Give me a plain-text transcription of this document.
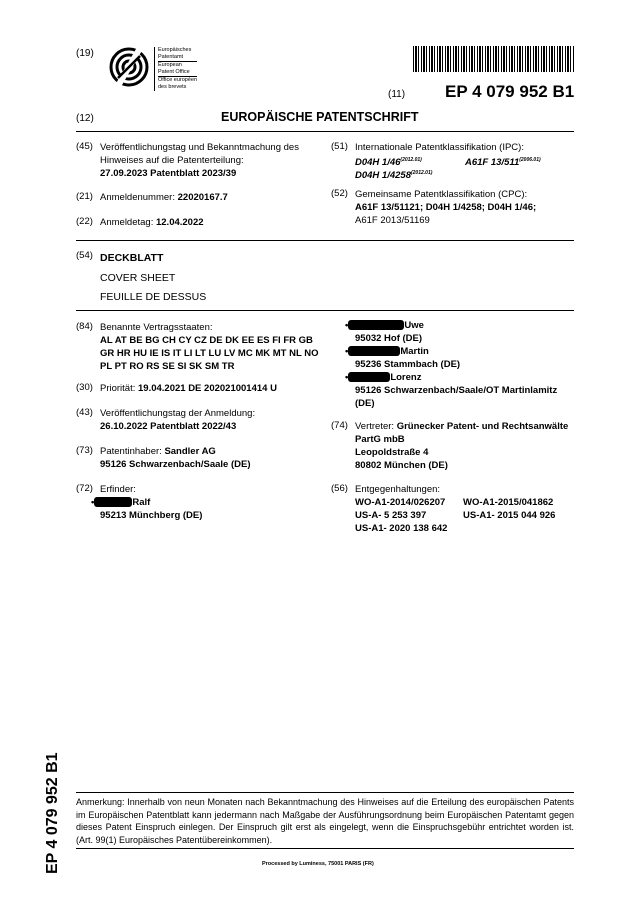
(19)	Europäisches
Patentamt
European
Patent Office
Office européen
des brevets
(11) EP 4 079 952 B1
(12)	EUROPÄISCHE PATENTSCHRIFT
(45) Veröffentlichungstag und Bekanntmachung des
Hinweises auf die Patenterteilung:
27.09.2023 Patentblatt 2023/39
(21) Anmeldenummer: 22020167.7
(22) Anmeldetag: 12.04.2022
(51) Internationale Patentklassifikation (IPC):
D04H $1/46^{(2012.01)}$	A61F $13/511^{(2006.01)}$
D04H $1/4258^{(2012.01)}$
(52) Gemeinsame Patentklassifikation (CPC):
A61F 13/51121; D04H 1/4258; D04H 1/46;
A61F 2013/51169
(54) DECKBLATT
COVER SHEET
FEUILLE DE DESSUS
(84) Benannte Vertragsstaaten:
AL AT BE BG CH CY CZ DE DK EE ES FI FR GB
GR HR HU IE IS IT LI LT LU LV MC MK MT NL NO
PL PT RO RS SE SI SK SM TR
(30) Priorität: 19.04.2021 DE 202021001414 U
(43) Veröffentlichungstag der Anmeldung:
26.10.2022 Patentblatt 2022/43
(73) Patentinhaber: Sandler AG
95126 Schwarzenbach/Saale (DE)
(72) Erfinder:
•	Ralf
95213 Münchberg (DE)
•	Uwe
95032 Hof (DE)
•	Martin
95236 Stammbach (DE)
•	Lorenz
95126 Schwarzenbach/Saale/OT Martinlamitz
(DE)
(74) Vertreter: Grünecker Patent- und Rechtsanwälte
PartG mbB
Leopoldstraße 4
80802 München (DE)
(56) Entgegenhaltungen:
WO-A1-2014/026207 WO-A1-2015/041862
US-A- 5 253 397	US-A1- 2015 044 926
US-A1- 2020 138 642
EP 4 079 952 B1 Anmerkung: Innerhalb von neun Monaten nach Bekanntmachung des Hinweises auf die Erteilung des europäischen Patents im Europäischen Patentblatt kann jedermann nach Maßgabe der Ausführungsordnung beim Europäischen Patentamt gegen dieses Patent Einspruch einlegen. Der Einspruch gilt erst als eingelegt, wenn die Einspruchsgebühr entrichtet worden ist. (Art. 99(1) Europäisches Patentübereinkommen).
Processed by Luminess, 75001 PARIS (FR)
